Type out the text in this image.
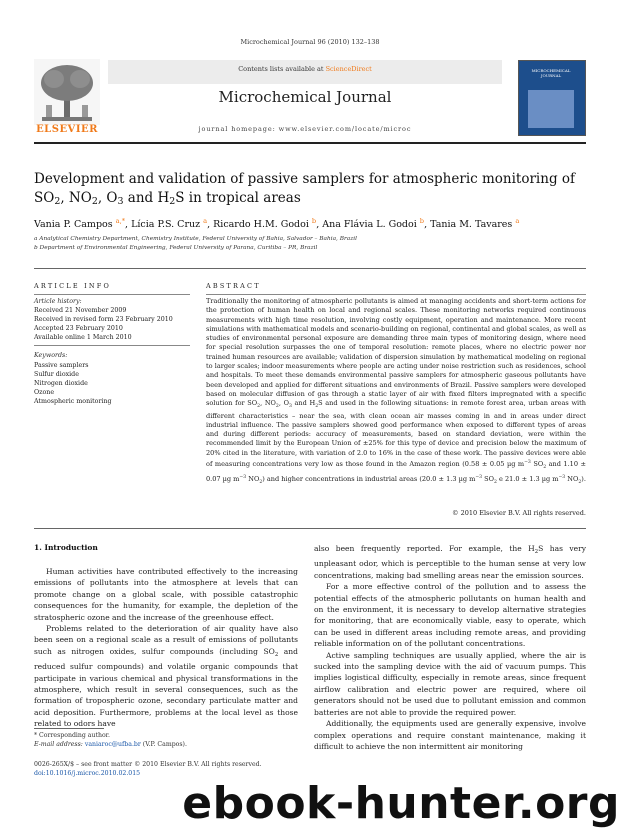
Microchemical Journal 96 (2010) 132–138
ELSEVIER
Contents lists available at ScienceDirect
Microchemical Journal
journal homepage: www.elsevier.com/locate/microc
MICROCHEMICAL JOURNAL
Development and validation of passive samplers for atmospheric monitoring of $SO_2$, $NO_2$, $O_3$ and $H_2S$ in tropical areas
Vania P. Campos $^{a,*}$, Lícia P.S. Cruz $^a$, Ricardo H.M. Godoi $^b$, Ana Flávia L. Godoi $^b$, Tania M. Tavares $^a$
a Analytical Chemistry Department, Chemistry Institute, Federal University of Bahia, Salvador – Bahia, Brazil
b Department of Environmental Engineering, Federal University of Parana, Curitiba – PR, Brazil
ARTICLE INFO
Article history:
Received 21 November 2009
Received in revised form 23 February 2010
Accepted 23 February 2010
Available online 1 March 2010
Keywords:
Passive samplers
Sulfur dioxide
Nitrogen dioxide
Ozone
Atmospheric monitoring
ABSTRACT
Traditionally the monitoring of atmospheric pollutants is aimed at managing accidents and short-term actions for the protection of human health on local and regional scales. These monitoring networks required continuous measurements with high time resolution, involving costly equipment, operation and maintenance. More recent simulations with mathematical models and scenario-building on regional, continental and global scales, as well as studies of environmental personal exposure are demanding three main types of monitoring design, where need for special resolution surpasses the one of temporal resolution: remote places, where no electric power nor trained human resources are available; validation of dispersion simulation by mathematical modeling on regional to larger scales; indoor measurements where people are acting under noise restriction such as residences, school and hospitals. To meet these demands environmental passive samplers for atmospheric gaseous pollutants have been developed and applied for different situations and environments of Brazil. Passive samplers were developed based on molecular diffusion of gas through a static layer of air with fixed filters impregnated with a specific solution for $SO_2$, $NO_2$, $O_3$ and $H_2S$ and used in the following situations: in remote forest area, urban areas with different characteristics – near the sea, with clean ocean air masses coming in and in areas under direct industrial influence. The passive samplers showed good performance when exposed to different types of areas and during different periods: accuracy of measurements, based on standard deviation, were within the recommended limit by the European Union of ±25% for this type of device and precision below the maximum of 20% cited in the literature, with variation of 2.0 to 16% in the case of these work. The passive devices were able of measuring concentrations very low as those found in the Amazon region (0.58 ± 0.05 µg $m^{-3}$ $SO_2$ and 1.10 ± 0.07 µg $m^{-3}$ $NO_2$) and higher concentrations in industrial areas (20.0 ± 1.3 µg $m^{-3}$ $SO_2$ e 21.0 ± 1.3 µg $m^{-3}$ $NO_2$).
© 2010 Elsevier B.V. All rights reserved.
1. Introduction

Human activities have contributed effectively to the increasing emissions of pollutants into the atmosphere at levels that can promote change on a global scale, with possible catastrophic consequences for the humanity, for example, the depletion of the stratospheric ozone and the increase of the greenhouse effect.

Problems related to the deterioration of air quality have also been seen on a regional scale as a result of emissions of pollutants such as nitrogen oxides, sulfur compounds (including $SO_2$ and reduced sulfur compounds) and volatile organic compounds that participate in various chemical and physical transformations in the atmosphere, which result in several consequences, such as the formation of tropospheric ozone, secondary particulate matter and acid deposition. Furthermore, problems at the local level as those related to odors have

also been frequently reported. For example, the $H_2S$ has very unpleasant odor, which is perceptible to the human sense at very low concentrations, making bad smelling areas near the emission sources.

For a more effective control of the pollution and to assess the potential effects of the atmospheric pollutants on human health and on the environment, it is necessary to develop alternative strategies for monitoring, that are economically viable, easy to operate, which can be used in different areas including remote areas, and providing reliable information on of the pollutant concentrations.

Active sampling techniques are usually applied, where the air is sucked into the sampling device with the aid of vacuum pumps. This implies logistical difficulty, especially in remote areas, since frequent airflow calibration and electric power are required, where oil generators should not be used due to pollutant emission and common batteries are not able to provide the required power.

Additionally, the equipments used are generally expensive, involve complex operations and require constant maintenance, making it difficult to achieve the non intermittent air monitoring

* Corresponding author.
E-mail address: vaniaroc@ufba.br (V.P. Campos).
0026-265X/$ – see front matter © 2010 Elsevier B.V. All rights reserved.
doi:10.1016/j.microc.2010.02.015
ebook-hunter.org
